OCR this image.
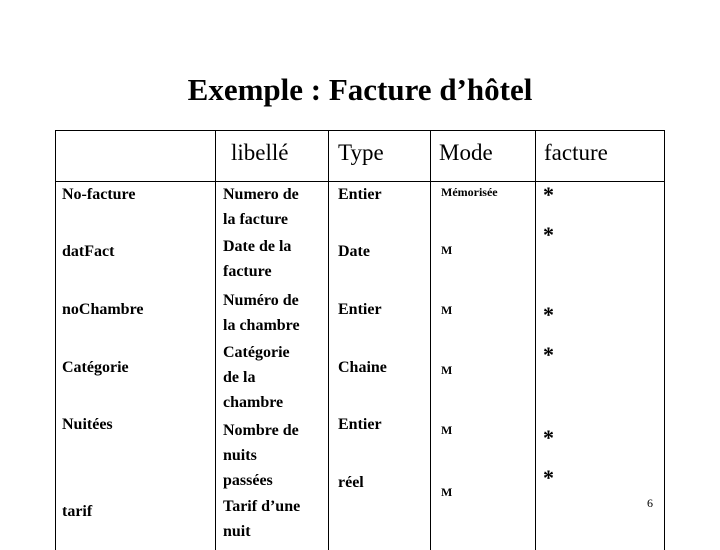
Exemple : Facture d’hôtel
libellé Type Mode facture
No-facture
datFact
noChambre
Catégorie
Nuitées
tarif
Numero de
la facture
Date de la
facture
Numéro de
la chambre
Catégorie
de la
chambre
Nombre de
nuits
passées
Tarif d’une
nuit
Entier
Date
Entier
Chaine
Entier
réel
Mémorisée
M
M
M
M
M
*
*
*
*
*
*
6
